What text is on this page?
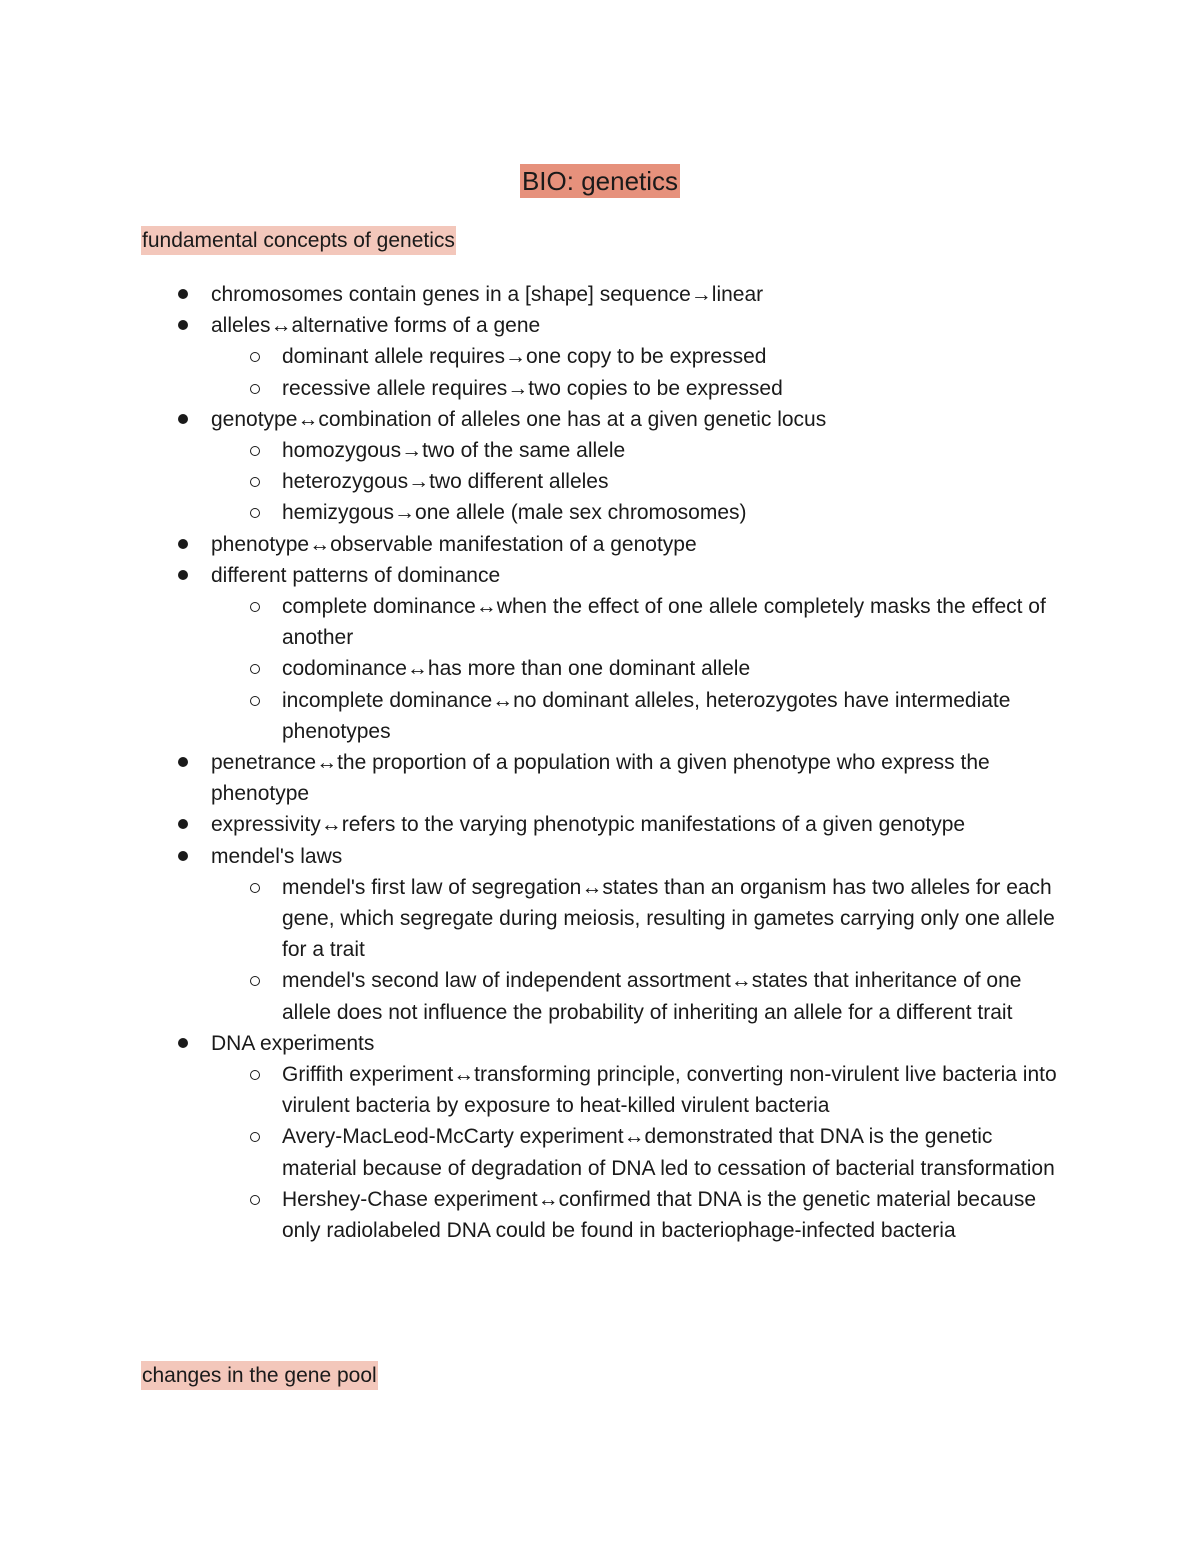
BIO: genetics
fundamental concepts of genetics
chromosomes contain genes in a [shape] sequence→linear
alleles↔alternative forms of a gene
dominant allele requires→one copy to be expressed
recessive allele requires→two copies to be expressed
genotype↔combination of alleles one has at a given genetic locus
homozygous→two of the same allele
heterozygous→two different alleles
hemizygous→one allele (male sex chromosomes)
phenotype↔observable manifestation of a genotype
different patterns of dominance
complete dominance↔when the effect of one allele completely masks the effect of another
codominance↔has more than one dominant allele
incomplete dominance↔no dominant alleles, heterozygotes have intermediate phenotypes
penetrance↔the proportion of a population with a given phenotype who express the phenotype
expressivity↔refers to the varying phenotypic manifestations of a given genotype
mendel's laws
mendel's first law of segregation↔states than an organism has two alleles for each gene, which segregate during meiosis, resulting in gametes carrying only one allele for a trait
mendel's second law of independent assortment↔states that inheritance of one allele does not influence the probability of inheriting an allele for a different trait
DNA experiments
Griffith experiment↔transforming principle, converting non-virulent live bacteria into virulent bacteria by exposure to heat-killed virulent bacteria
Avery-MacLeod-McCarty experiment↔demonstrated that DNA is the genetic material because of degradation of DNA led to cessation of bacterial transformation
Hershey-Chase experiment↔confirmed that DNA is the genetic material because only radiolabeled DNA could be found in bacteriophage-infected bacteria
changes in the gene pool
